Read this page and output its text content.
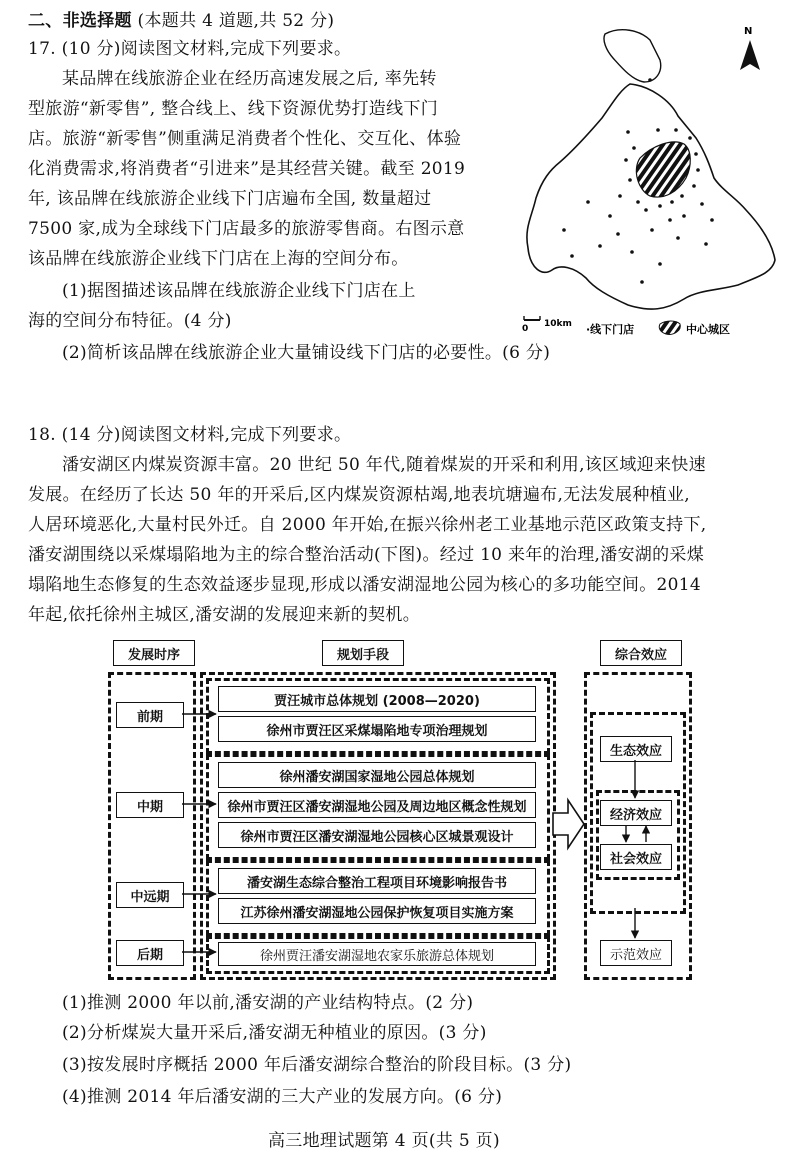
二、非选择题 (本题共 4 道题,共 52 分)
17. (10 分)阅读图文材料,完成下列要求。
某品牌在线旅游企业在经历高速发展之后, 率先转
型旅游“新零售”, 整合线上、线下资源优势打造线下门
店。旅游“新零售”侧重满足消费者个性化、交互化、体验
化消费需求,将消费者“引进来”是其经营关键。截至 2019
年, 该品牌在线旅游企业线下门店遍布全国, 数量超过
7500 家,成为全球线下门店最多的旅游零售商。右图示意
该品牌在线旅游企业线下门店在上海的空间分布。
(1)据图描述该品牌在线旅游企业线下门店在上
海的空间分布特征。(4 分)
(2)简析该品牌在线旅游企业大量铺设线下门店的必要性。(6 分)
N
0 10km ·线下门店	中心城区
18. (14 分)阅读图文材料,完成下列要求。
潘安湖区内煤炭资源丰富。20 世纪 50 年代,随着煤炭的开采和利用,该区域迎来快速
发展。在经历了长达 50 年的开采后,区内煤炭资源枯竭,地表坑塘遍布,无法发展种植业,
人居环境恶化,大量村民外迁。自 2000 年开始,在振兴徐州老工业基地示范区政策支持下,
潘安湖围绕以采煤塌陷地为主的综合整治活动(下图)。经过 10 来年的治理,潘安湖的采煤
塌陷地生态修复的生态效益逐步显现,形成以潘安湖湿地公园为核心的多功能空间。2014
年起,依托徐州主城区,潘安湖的发展迎来新的契机。
发展时序	规划手段	综合效应
前期
中期
中远期
后期
贾汪城市总体规划 (2008—2020)
徐州市贾汪区采煤塌陷地专项治理规划
徐州潘安湖国家湿地公园总体规划
徐州市贾汪区潘安湖湿地公园及周边地区概念性规划
徐州市贾汪区潘安湖湿地公园核心区城景观设计
潘安湖生态综合整治工程项目环境影响报告书
江苏徐州潘安湖湿地公园保护恢复项目实施方案
徐州贾汪潘安湖湿地农家乐旅游总体规划
生态效应
经济效应
社会效应
示范效应
(1)推测 2000 年以前,潘安湖的产业结构特点。(2 分)
(2)分析煤炭大量开采后,潘安湖无种植业的原因。(3 分)
(3)按发展时序概括 2000 年后潘安湖综合整治的阶段目标。(3 分)
(4)推测 2014 年后潘安湖的三大产业的发展方向。(6 分)
高三地理试题第 4 页(共 5 页)
